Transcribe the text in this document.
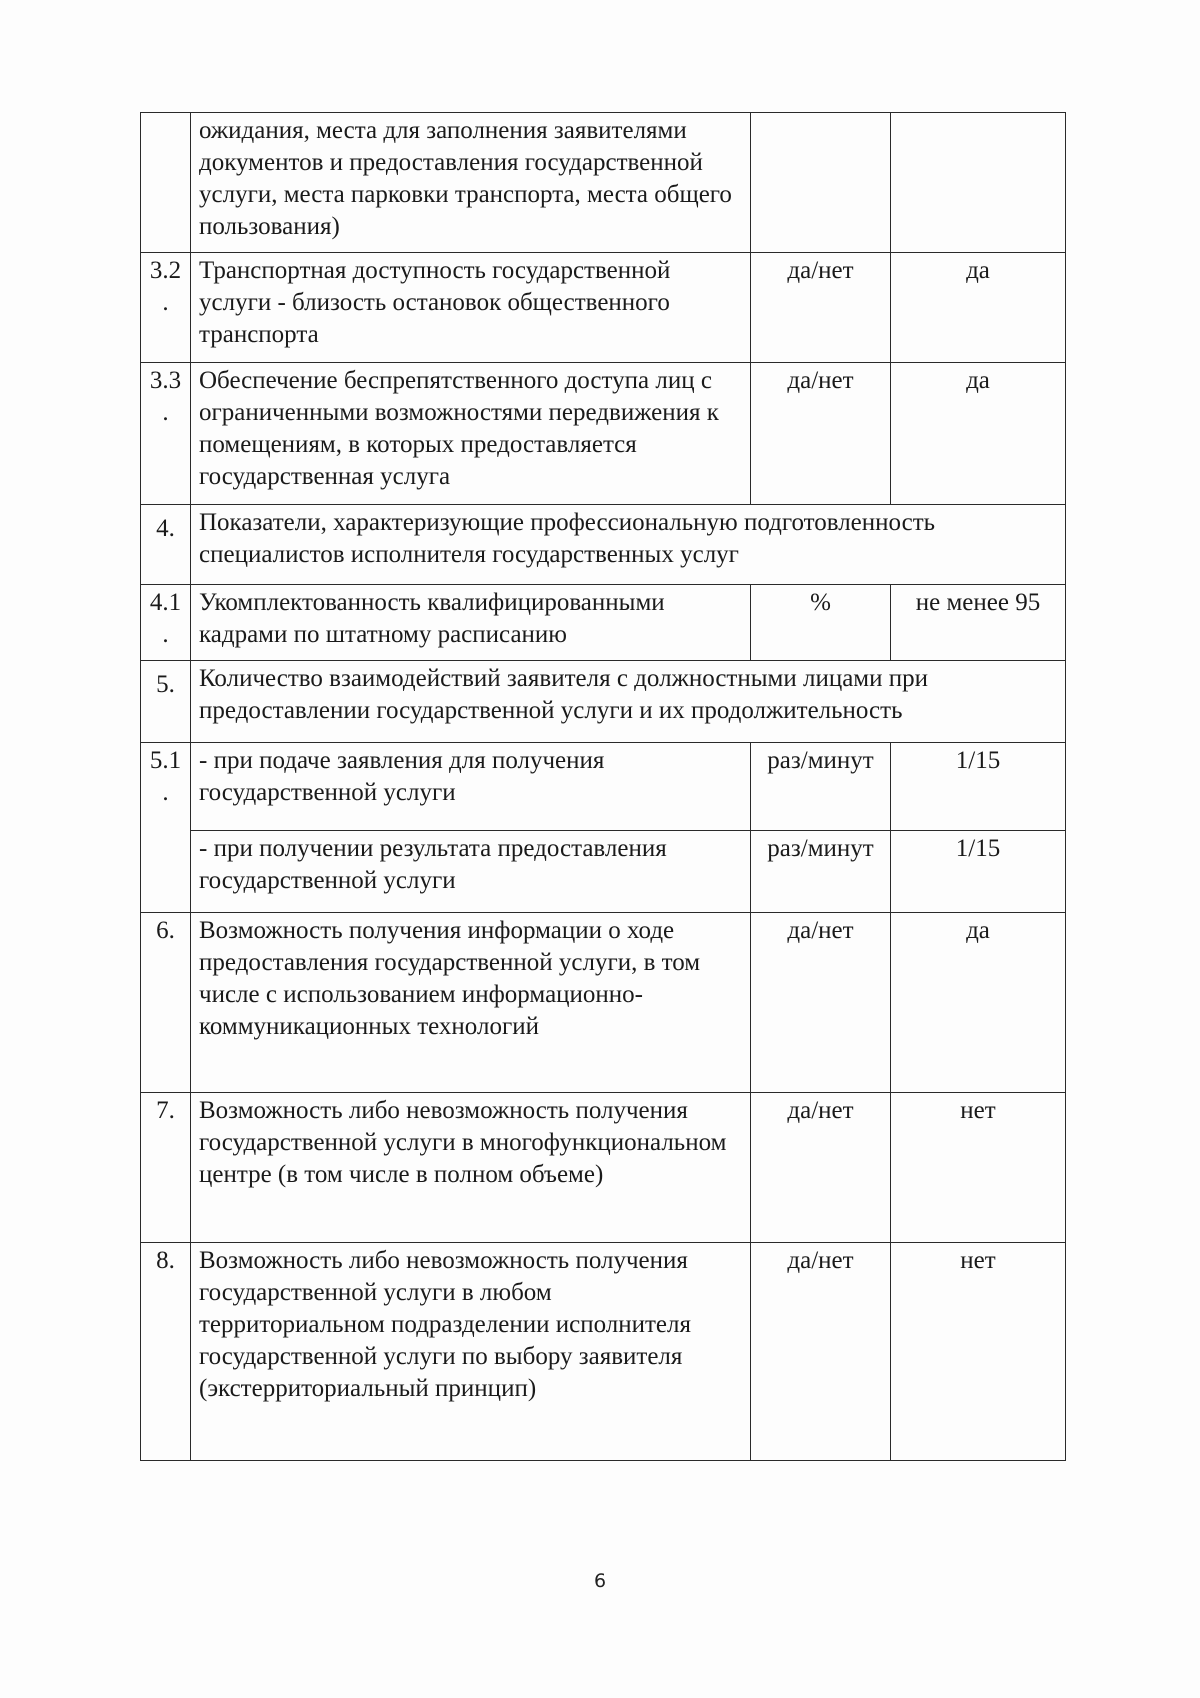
	ожидания, места для заполнения заявителями документов и предоставления государственной услуги, места парковки транспорта, места общего пользования)		
3.2.	Транспортная доступность государственной услуги - близость остановок общественного транспорта	да/нет	да
3.3.	Обеспечение беспрепятственного доступа лиц с ограниченными возможностями передвижения к помещениям, в которых предоставляется государственная услуга	да/нет	да
4.	Показатели, характеризующие профессиональную подготовленность специалистов исполнителя государственных услуг		
4.1.	Укомплектованность квалифицированными кадрами по штатному расписанию	%	не менее 95
5.	Количество взаимодействий заявителя с должностными лицами при предоставлении государственной услуги и их продолжительность		
5.1.	- при подаче заявления для получения государственной услуги	раз/минут	1/15
	- при получении результата предоставления государственной услуги	раз/минут	1/15
6.	Возможность получения информации о ходе предоставления государственной услуги, в том числе с использованием информационно-коммуникационных технологий	да/нет	да
7.	Возможность либо невозможность получения государственной услуги в многофункциональном центре (в том числе в полном объеме)	да/нет	нет
8.	Возможность либо невозможность получения государственной услуги в любом территориальном подразделении исполнителя государственной услуги по выбору заявителя (экстерриториальный принцип)	да/нет	нет
6
